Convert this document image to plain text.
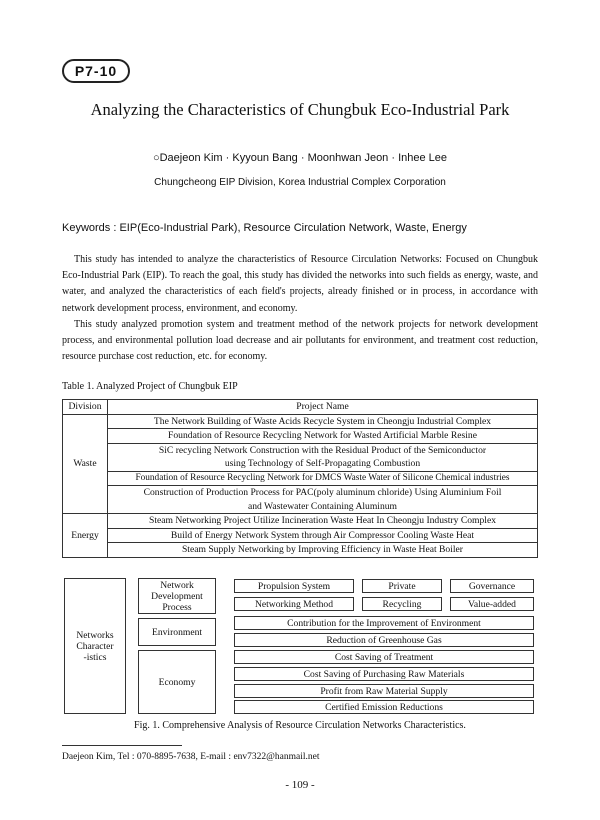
P7-10
Analyzing the Characteristics of Chungbuk Eco-Industrial Park
○Daejeon Kim · Kyyoun Bang · Moonhwan Jeon · Inhee Lee
Chungcheong EIP Division, Korea Industrial Complex Corporation
Keywords : EIP(Eco-Industrial Park), Resource Circulation Network, Waste, Energy

This study has intended to analyze the characteristics of Resource Circulation Networks: Focused on Chungbuk Eco-Industrial Park (EIP). To reach the goal, this study has divided the networks into such fields as energy, waste, and water, and analyzed the characteristics of each field's projects, already finished or in process, in accordance with network development process, environment, and economy.

This study analyzed promotion system and treatment method of the network projects for network development process, and environmental pollution load decrease and air pollutants for environment, and treatment cost reduction, resource purchase cost reduction, etc. for economy.

Table 1. Analyzed Project of Chungbuk EIP
Division	Project Name
Waste	The Network Building of Waste Acids Recycle System in Cheongju Industrial Complex
	Foundation of Resource Recycling Network for Wasted Artificial Marble Resine
	SiC recycling Network Construction with the Residual Product of the Semiconductor
	using Technology of Self-Propagating Combustion
	Foundation of Resource Recycling Network for DMCS Waste Water of Silicone Chemical industries
	Construction of Production Process for PAC(poly aluminum chloride) Using Aluminium Foil
	and Wastewater Containing Aluminum
Energy	Steam Networking Project Utilize Incineration Waste Heat In Cheongju Industry Complex
	Build of Energy Network System through Air Compressor Cooling Waste Heat
	Steam Supply Networking by Improving Efficiency in Waste Heat Boiler
Networks
Character
-istics
Network
Development
Process
Environment
Economy
Propulsion System	Private	Governance
Networking Method	Recycling	Value-added
Contribution for the Improvement of Environment
Reduction of Greenhouse Gas
Cost Saving of Treatment
Cost Saving of Purchasing Raw Materials
Profit from Raw Material Supply
Certified Emission Reductions
Fig. 1. Comprehensive Analysis of Resource Circulation Networks Characteristics.
Daejeon Kim, Tel : 070-8895-7638, E-mail : env7322@hanmail.net
- 109 -
